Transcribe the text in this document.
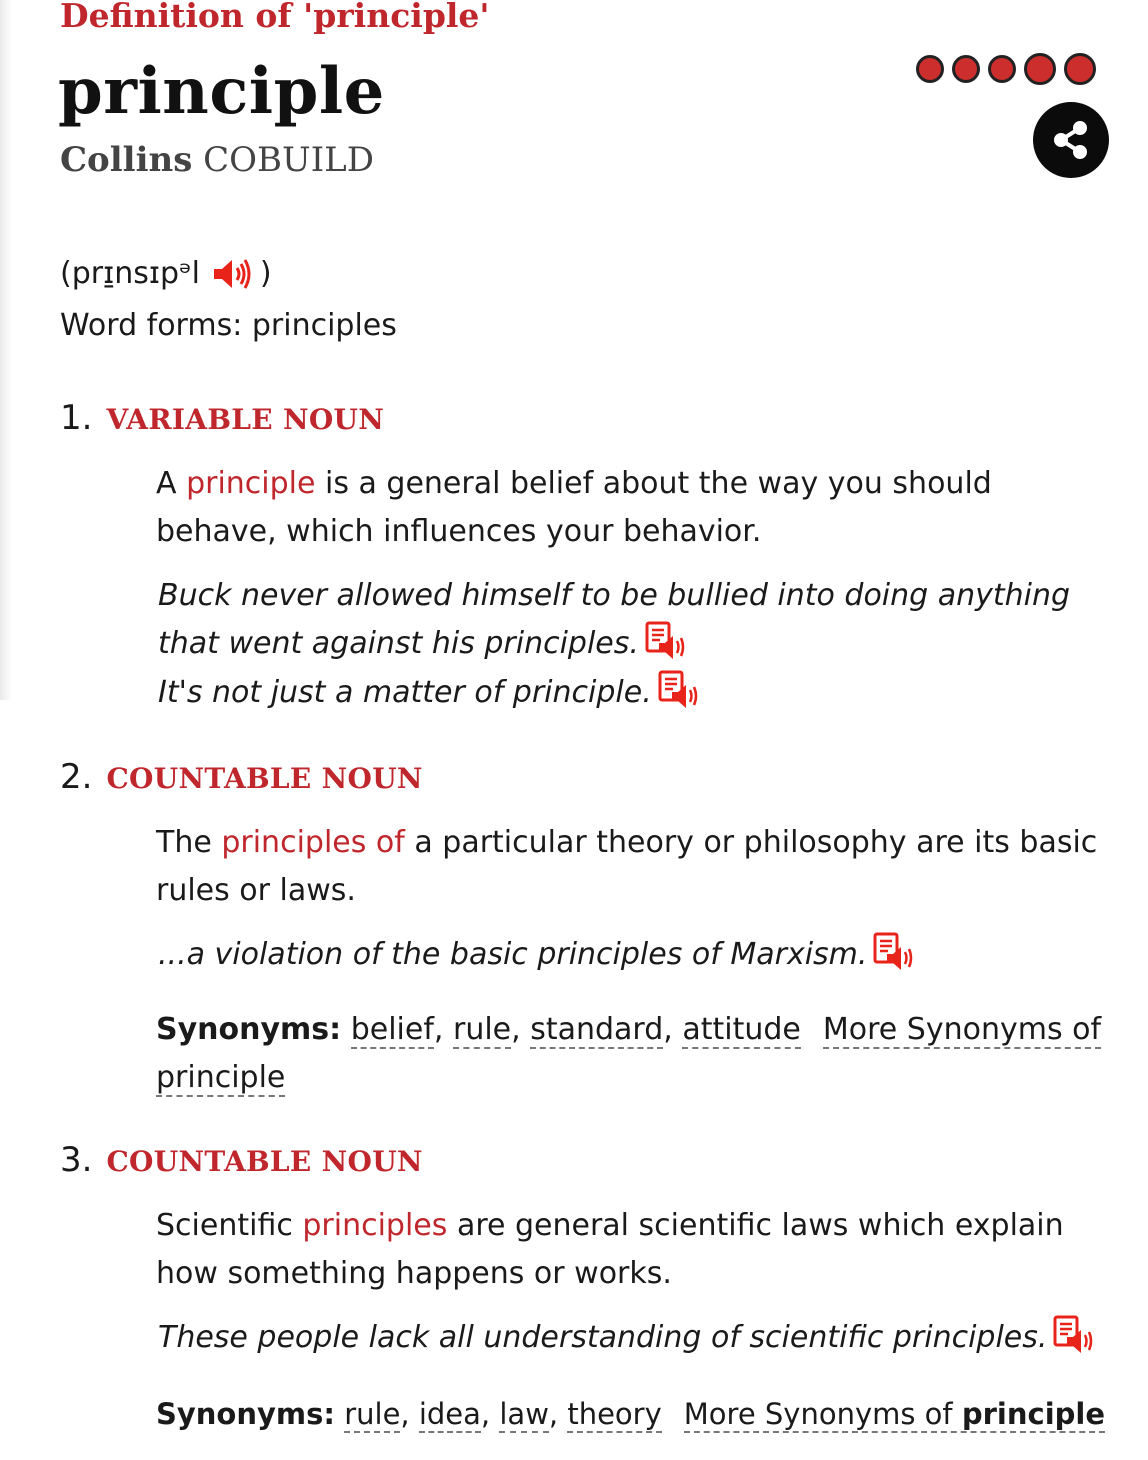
Definition of 'principle'
principle
Collins COBUILD
( prɪ̱nsɪpᵊl )
Word forms: principles
1. VARIABLE NOUN
A principle is a general belief about the way you should behave, which influences your behavior.
Buck never allowed himself to be bullied into doing anything that went against his principles.
It's not just a matter of principle.
2. COUNTABLE NOUN
The principles of a particular theory or philosophy are its basic rules or laws.
...a violation of the basic principles of Marxism.
Synonyms: belief, rule, standard, attitude More Synonyms of principle
3. COUNTABLE NOUN
Scientific principles are general scientific laws which explain how something happens or works.
These people lack all understanding of scientific principles.
Synonyms: rule, idea, law, theory More Synonyms of principle
